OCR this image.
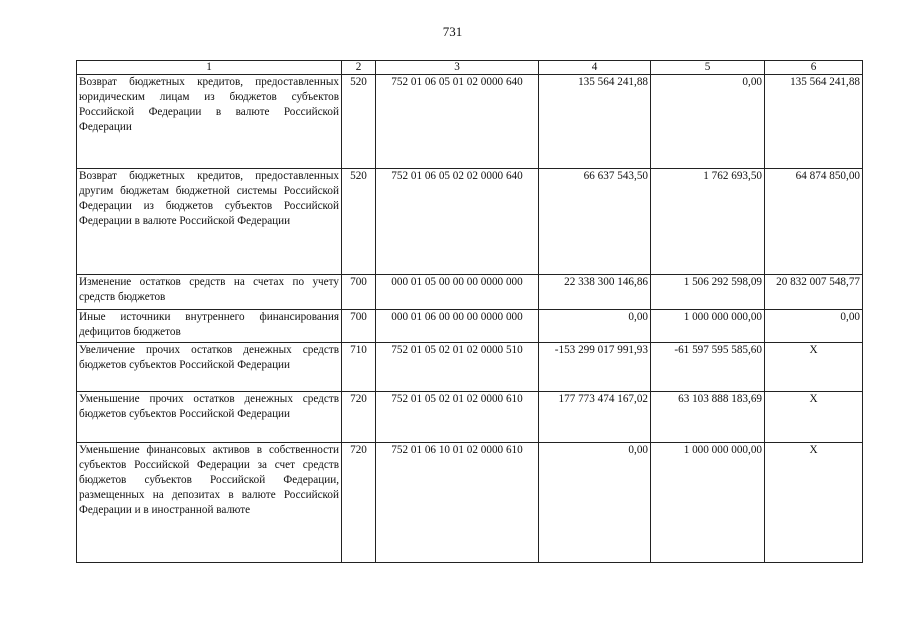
731
1	2	3	4	5	6
Возврат бюджетных кредитов, предоставленных юридическим лицам из бюджетов субъектов Российской Федерации в валюте Российской Федерации	520	752 01 06 05 01 02 0000 640	135 564 241,88	0,00	135 564 241,88
Возврат бюджетных кредитов, предоставленных другим бюджетам бюджетной системы Российской Федерации из бюджетов субъектов Российской Федерации в валюте Российской Федерации	520	752 01 06 05 02 02 0000 640	66 637 543,50	1 762 693,50	64 874 850,00
Изменение остатков средств на счетах по учету средств бюджетов	700	000 01 05 00 00 00 0000 000	22 338 300 146,86	1 506 292 598,09	20 832 007 548,77
Иные источники внутреннего финансирования дефицитов бюджетов	700	000 01 06 00 00 00 0000 000	0,00	1 000 000 000,00	0,00
Увеличение прочих остатков денежных средств бюджетов субъектов Российской Федерации	710	752 01 05 02 01 02 0000 510	-153 299 017 991,93	-61 597 595 585,60	X
Уменьшение прочих остатков денежных средств бюджетов субъектов Российской Федерации	720	752 01 05 02 01 02 0000 610	177 773 474 167,02	63 103 888 183,69	X
Уменьшение финансовых активов в собственности субъектов Российской Федерации за счет средств бюджетов субъектов Российской Федерации, размещенных на депозитах в валюте Российской Федерации и в иностранной валюте	720	752 01 06 10 01 02 0000 610	0,00	1 000 000 000,00	X
